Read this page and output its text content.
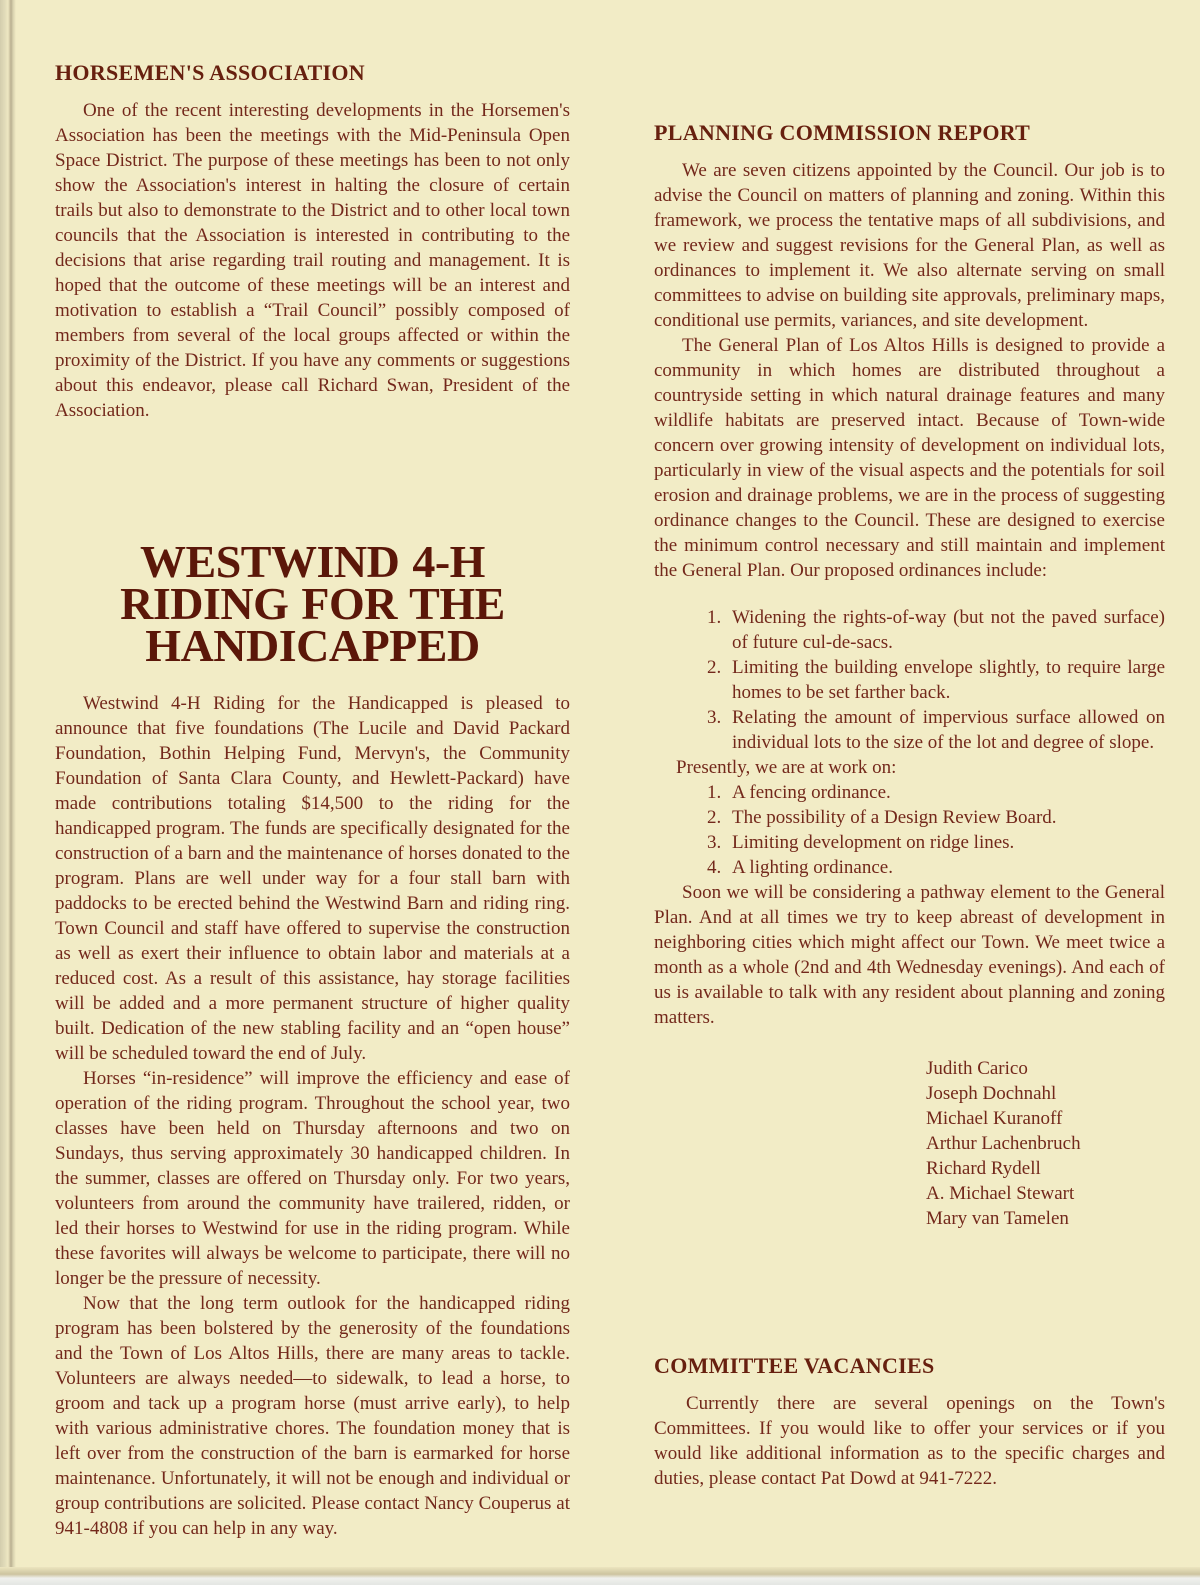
HORSEMEN'S ASSOCIATION

One of the recent interesting developments in the Horsemen's Association has been the meetings with the Mid-Peninsula Open Space District. The purpose of these meetings has been to not only show the Association's interest in halting the closure of certain trails but also to demonstrate to the District and to other local town councils that the Association is interested in contributing to the decisions that arise regarding trail routing and management. It is hoped that the outcome of these meetings will be an interest and motivation to establish a “Trail Council” possibly composed of members from several of the local groups affected or within the proximity of the District. If you have any comments or suggestions about this endeavor, please call Richard Swan, President of the Association.

WESTWIND 4-H
RIDING FOR THE
HANDICAPPED

Westwind 4-H Riding for the Handicapped is pleased to announce that five foundations (The Lucile and David Packard Foundation, Bothin Helping Fund, Mervyn's, the Community Foundation of Santa Clara County, and Hewlett-Packard) have made contributions totaling $14,500 to the riding for the handicapped program. The funds are specifically designated for the construction of a barn and the maintenance of horses donated to the program. Plans are well under way for a four stall barn with paddocks to be erected behind the Westwind Barn and riding ring. Town Council and staff have offered to supervise the construction as well as exert their influence to obtain labor and materials at a reduced cost. As a result of this assistance, hay storage facilities will be added and a more permanent structure of higher quality built. Dedication of the new stabling facility and an “open house” will be scheduled toward the end of July.

Horses “in-residence” will improve the efficiency and ease of operation of the riding program. Throughout the school year, two classes have been held on Thursday afternoons and two on Sundays, thus serving approximately 30 handicapped children. In the summer, classes are offered on Thursday only. For two years, volunteers from around the community have trailered, ridden, or led their horses to Westwind for use in the riding program. While these favorites will always be welcome to participate, there will no longer be the pressure of necessity.

Now that the long term outlook for the handicapped riding program has been bolstered by the generosity of the foundations and the Town of Los Altos Hills, there are many areas to tackle. Volunteers are always needed—to sidewalk, to lead a horse, to groom and tack up a program horse (must arrive early), to help with various administrative chores. The foundation money that is left over from the construction of the barn is earmarked for horse maintenance. Unfortunately, it will not be enough and individual or group contributions are solicited. Please contact Nancy Couperus at 941-4808 if you can help in any way.

PLANNING COMMISSION REPORT

We are seven citizens appointed by the Council. Our job is to advise the Council on matters of planning and zoning. Within this framework, we process the tentative maps of all subdivisions, and we review and suggest revisions for the General Plan, as well as ordinances to implement it. We also alternate serving on small committees to advise on building site approvals, preliminary maps, conditional use permits, variances, and site development.

The General Plan of Los Altos Hills is designed to provide a community in which homes are distributed throughout a countryside setting in which natural drainage features and many wildlife habitats are preserved intact. Because of Town-wide concern over growing intensity of development on individual lots, particularly in view of the visual aspects and the potentials for soil erosion and drainage problems, we are in the process of suggesting ordinance changes to the Council. These are designed to exercise the minimum control necessary and still maintain and implement the General Plan. Our proposed ordinances include:

1. Widening the rights-of-way (but not the paved surface) of future cul-de-sacs.
2. Limiting the building envelope slightly, to require large homes to be set farther back.
3. Relating the amount of impervious surface allowed on individual lots to the size of the lot and degree of slope.

Presently, we are at work on:

1. A fencing ordinance.
2. The possibility of a Design Review Board.
3. Limiting development on ridge lines.
4. A lighting ordinance.

Soon we will be considering a pathway element to the General Plan. And at all times we try to keep abreast of development in neighboring cities which might affect our Town. We meet twice a month as a whole (2nd and 4th Wednesday evenings). And each of us is available to talk with any resident about planning and zoning matters.

Judith Carico
Joseph Dochnahl
Michael Kuranoff
Arthur Lachenbruch
Richard Rydell
A. Michael Stewart
Mary van Tamelen
COMMITTEE VACANCIES

Currently there are several openings on the Town's Committees. If you would like to offer your services or if you would like additional information as to the specific charges and duties, please contact Pat Dowd at 941-7222.
